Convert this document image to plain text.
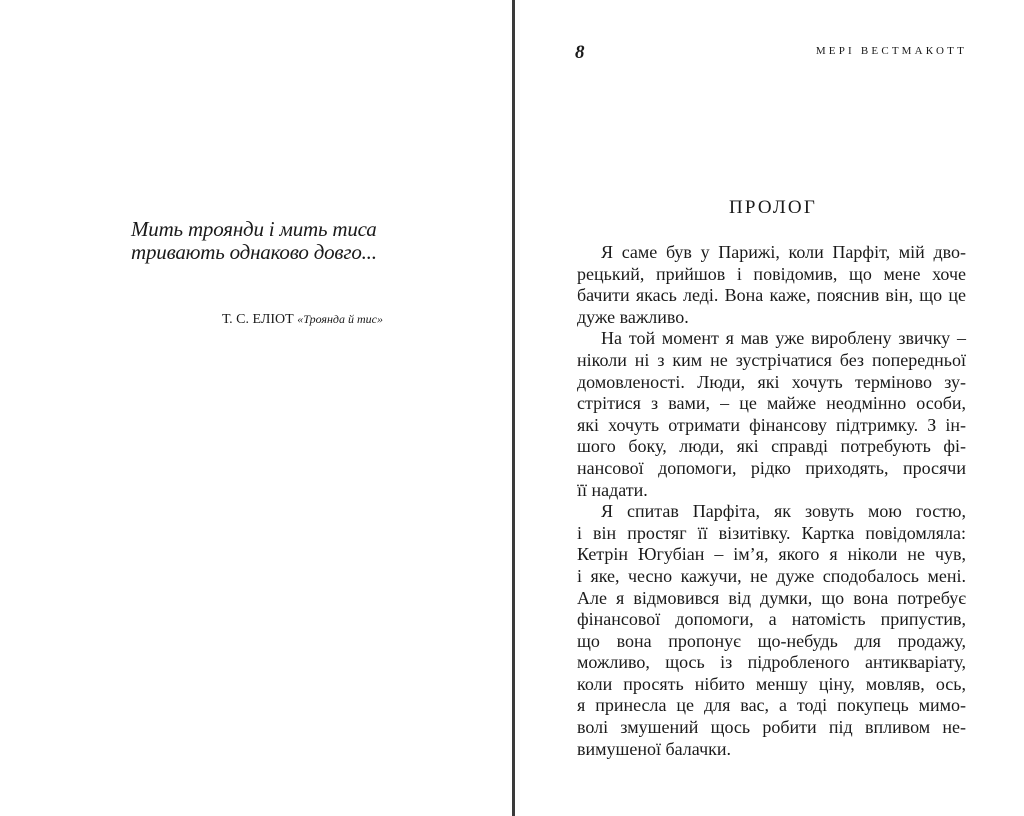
Мить троянди і мить тиса
тривають однаково довго...
Т. С. ЕЛІОТ «Троянда й тис»
8	МЕРІ ВЕСТМАКОТТ
ПРОЛОГ
Я саме був у Парижі, коли Парфіт, мій дво-
рецький, прийшов і повідомив, що мене хоче
бачити якась леді. Вона каже, пояснив він, що це
дуже важливо.
На той момент я мав уже вироблену звичку –
ніколи ні з ким не зустрічатися без попередньої
домовленості. Люди, які хочуть терміново зу-
стрітися з вами, – це майже неодмінно особи,
які хочуть отримати фінансову підтримку. З ін-
шого боку, люди, які справді потребують фі-
нансової допомоги, рідко приходять, просячи
її надати.
Я спитав Парфіта, як зовуть мою гостю,
і він простяг її візитівку. Картка повідомляла:
Кетрін Югубіан – ім’я, якого я ніколи не чув,
і яке, чесно кажучи, не дуже сподобалось мені.
Але я відмовився від думки, що вона потребує
фінансової допомоги, а натомість припустив,
що вона пропонує що-небудь для продажу,
можливо, щось із підробленого антикваріату,
коли просять нібито меншу ціну, мовляв, ось,
я принесла це для вас, а тоді покупець мимо-
волі змушений щось робити під впливом не-
вимушеної балачки.
